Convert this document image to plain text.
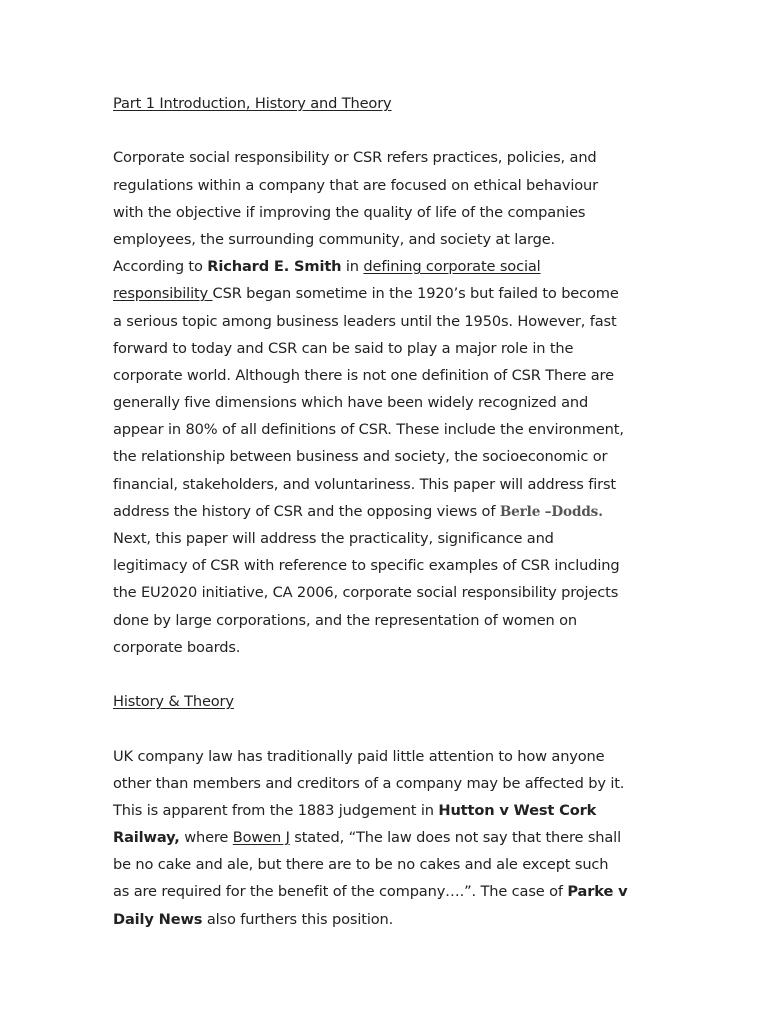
Part 1 Introduction, History and Theory
Corporate social responsibility or CSR refers practices, policies, and
regulations within a company that are focused on ethical behaviour
with the objective if improving the quality of life of the companies
employees, the surrounding community, and society at large.
According to Richard E. Smith in defining corporate social
responsibility CSR began sometime in the 1920’s but failed to become
a serious topic among business leaders until the 1950s. However, fast
forward to today and CSR can be said to play a major role in the
corporate world. Although there is not one definition of CSR There are
generally five dimensions which have been widely recognized and
appear in 80% of all definitions of CSR. These include the environment,
the relationship between business and society, the socioeconomic or
financial, stakeholders, and voluntariness. This paper will address first
address the history of CSR and the opposing views of Berle –Dodds.
Next, this paper will address the practicality, significance and
legitimacy of CSR with reference to specific examples of CSR including
the EU2020 initiative, CA 2006, corporate social responsibility projects
done by large corporations, and the representation of women on
corporate boards.
History & Theory
UK company law has traditionally paid little attention to how anyone
other than members and creditors of a company may be affected by it.
This is apparent from the 1883 judgement in Hutton v West Cork
Railway, where Bowen J stated, “The law does not say that there shall
be no cake and ale, but there are to be no cakes and ale except such
as are required for the benefit of the company….”. The case of Parke v
Daily News also furthers this position.
